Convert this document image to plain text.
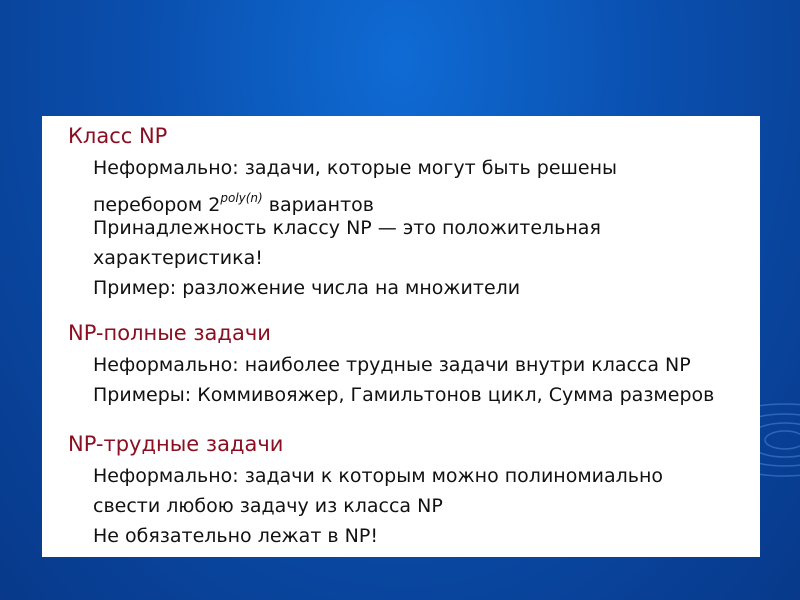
Класс NP
Неформально: задачи, которые могут быть решены
перебором $2^{poly(n)}$ вариантов
Принадлежность классу NP — это положительная
характеристика!
Пример: разложение числа на множители
NP-полные задачи
Неформально: наиболее трудные задачи внутри класса NP
Примеры: Коммивояжер, Гамильтонов цикл, Сумма размеров
NP-трудные задачи
Неформально: задачи к которым можно полиномиально
свести любою задачу из класса NP
Не обязательно лежат в NP!
